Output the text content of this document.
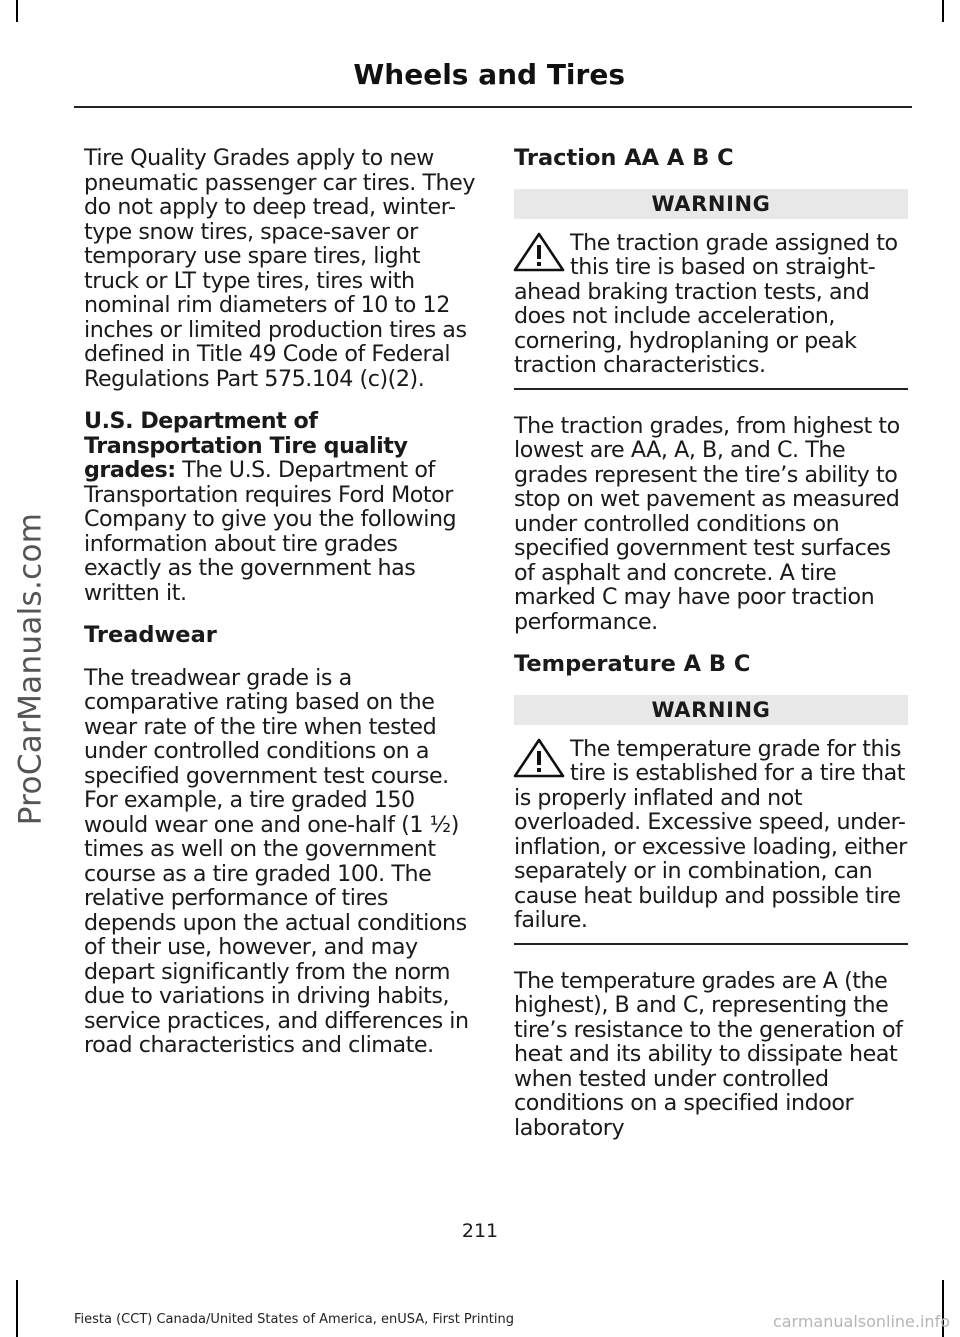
ProCarManuals.com
Wheels and Tires

Tire Quality Grades apply to new pneumatic passenger car tires. They do not apply to deep tread, winter-type snow tires, space-saver or temporary use spare tires, light truck or LT type tires, tires with nominal rim diameters of 10 to 12 inches or limited production tires as defined in Title 49 Code of Federal Regulations Part 575.104 (c)(2).

U.S. Department of Transportation Tire quality grades: The U.S. Department of Transportation requires Ford Motor Company to give you the following information about tire grades exactly as the government has written it.

Treadwear

The treadwear grade is a comparative rating based on the wear rate of the tire when tested under controlled conditions on a specified government test course. For example, a tire graded 150 would wear one and one-half (1 ½) times as well on the government course as a tire graded 100. The relative performance of tires depends upon the actual conditions of their use, however, and may depart significantly from the norm due to variations in driving habits, service practices, and differences in road characteristics and climate.

Traction AA A B C
WARNING

The traction grade assigned to this tire is based on straight-ahead braking traction tests, and does not include acceleration, cornering, hydroplaning or peak traction characteristics.

The traction grades, from highest to lowest are AA, A, B, and C. The grades represent the tire’s ability to stop on wet pavement as measured under controlled conditions on specified government test surfaces of asphalt and concrete. A tire marked C may have poor traction performance.

Temperature A B C
WARNING

The temperature grade for this tire is established for a tire that is properly inflated and not overloaded. Excessive speed, under-inflation, or excessive loading, either separately or in combination, can cause heat buildup and possible tire failure.

The temperature grades are A (the highest), B and C, representing the tire’s resistance to the generation of heat and its ability to dissipate heat when tested under controlled conditions on a specified indoor laboratory

211
Fiesta (CCT) Canada/United States of America, enUSA, First Printing	carmanualsonline.info
